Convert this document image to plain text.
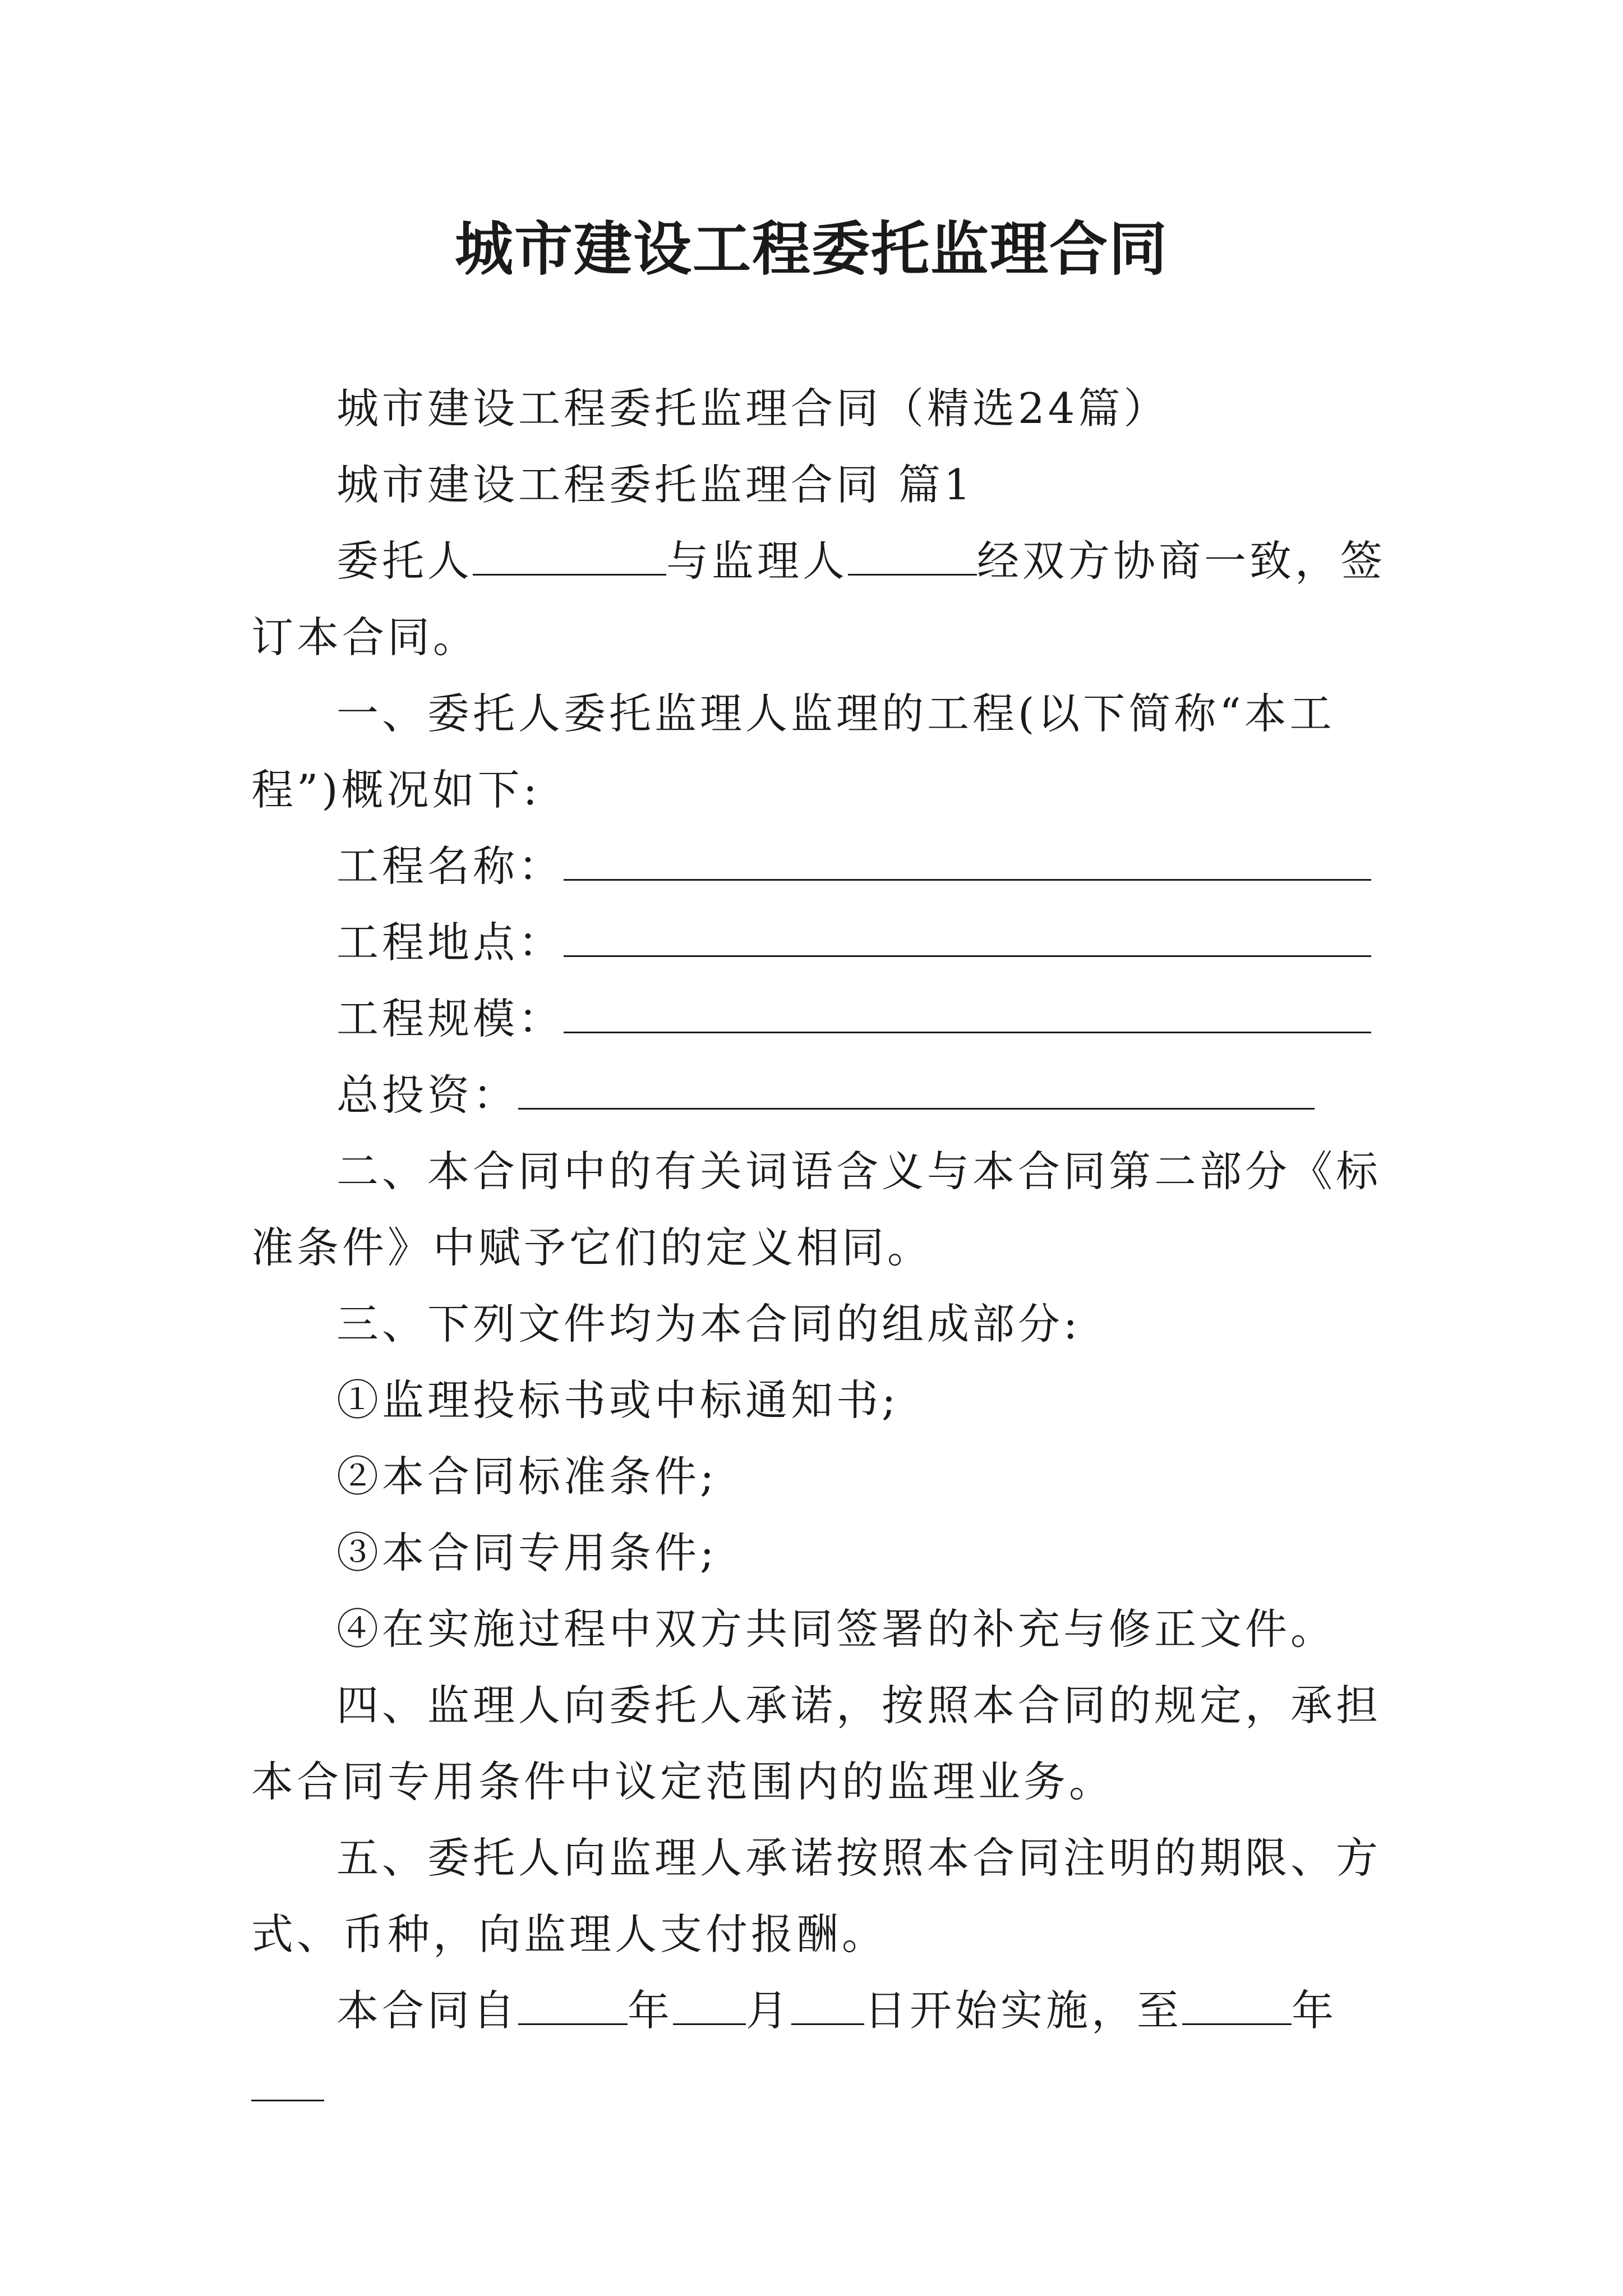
城市建设工程委托监理合同

城市建设工程委托监理合同（精选24篇）

城市建设工程委托监理合同 篇1

委托人	与监理人	经双方协商一致，签订本合同。

一、委托人委托监理人监理的工程(以下简称“本工程”)概况如下:

工程名称：

工程地点：

工程规模：

总投资：

二、本合同中的有关词语含义与本合同第二部分《标准条件》中赋予它们的定义相同。

三、下列文件均为本合同的组成部分:

①监理投标书或中标通知书;

②本合同标准条件;

③本合同专用条件;

④在实施过程中双方共同签署的补充与修正文件。

四、监理人向委托人承诺，按照本合同的规定，承担本合同专用条件中议定范围内的监理业务。

五、委托人向监理人承诺按照本合同注明的期限、方式、币种，向监理人支付报酬。

本合同自	年 月 日开始实施，至	年
